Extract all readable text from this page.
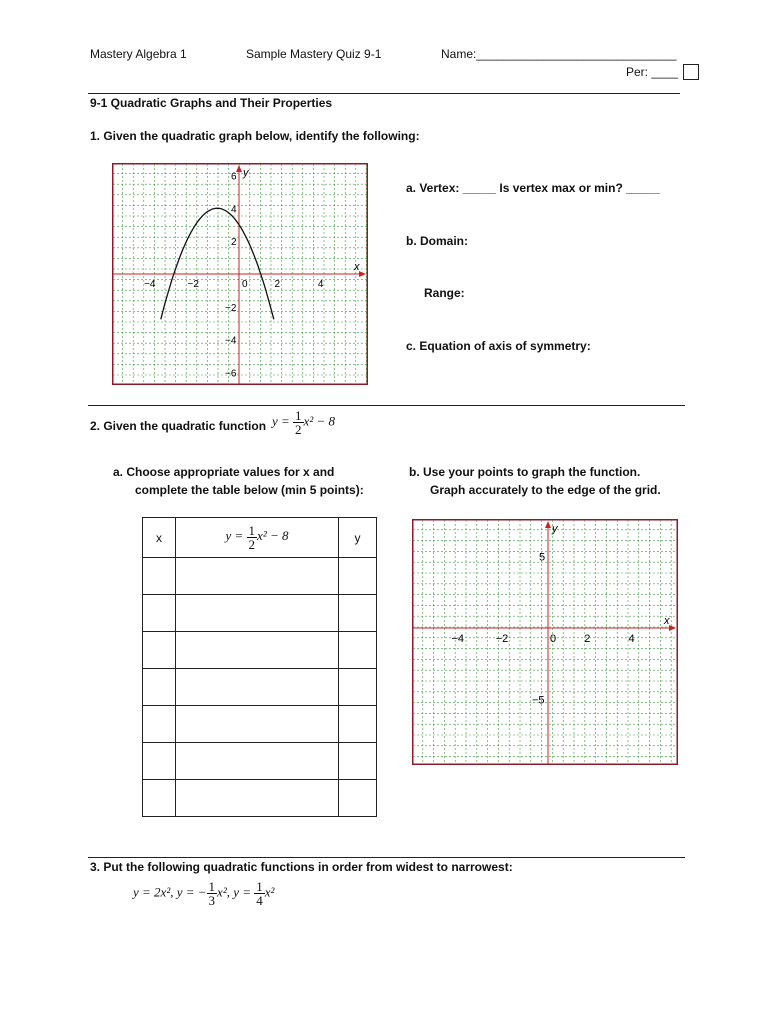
Mastery Algebra 1	Sample Mastery Quiz 9-1	Name:______________________________
Per: ____
9-1 Quadratic Graphs and Their Properties
1. Given the quadratic graph below, identify the following:
x
y
−4	−2	0	2	4
6
4
2
−2
−4
−6
a. Vertex: _____ Is vertex max or min? _____
b. Domain:
Range:
c. Equation of axis of symmetry:
2. Given the quadratic function $y = \frac{1}{2} x^2 - 8$
a. Choose appropriate values for x and
complete the table below (min 5 points):
b. Use your points to graph the function.
Graph accurately to the edge of the grid.
x	$y = \frac{1}{2} x^2 - 8$	y

x
y
−4	−2	0	2	4
5
−5
3. Put the following quadratic functions in order from widest to narrowest:
y = 2x², y = − $\frac{1}{3} x^2$, $y = \frac{1}{4} x^2$
